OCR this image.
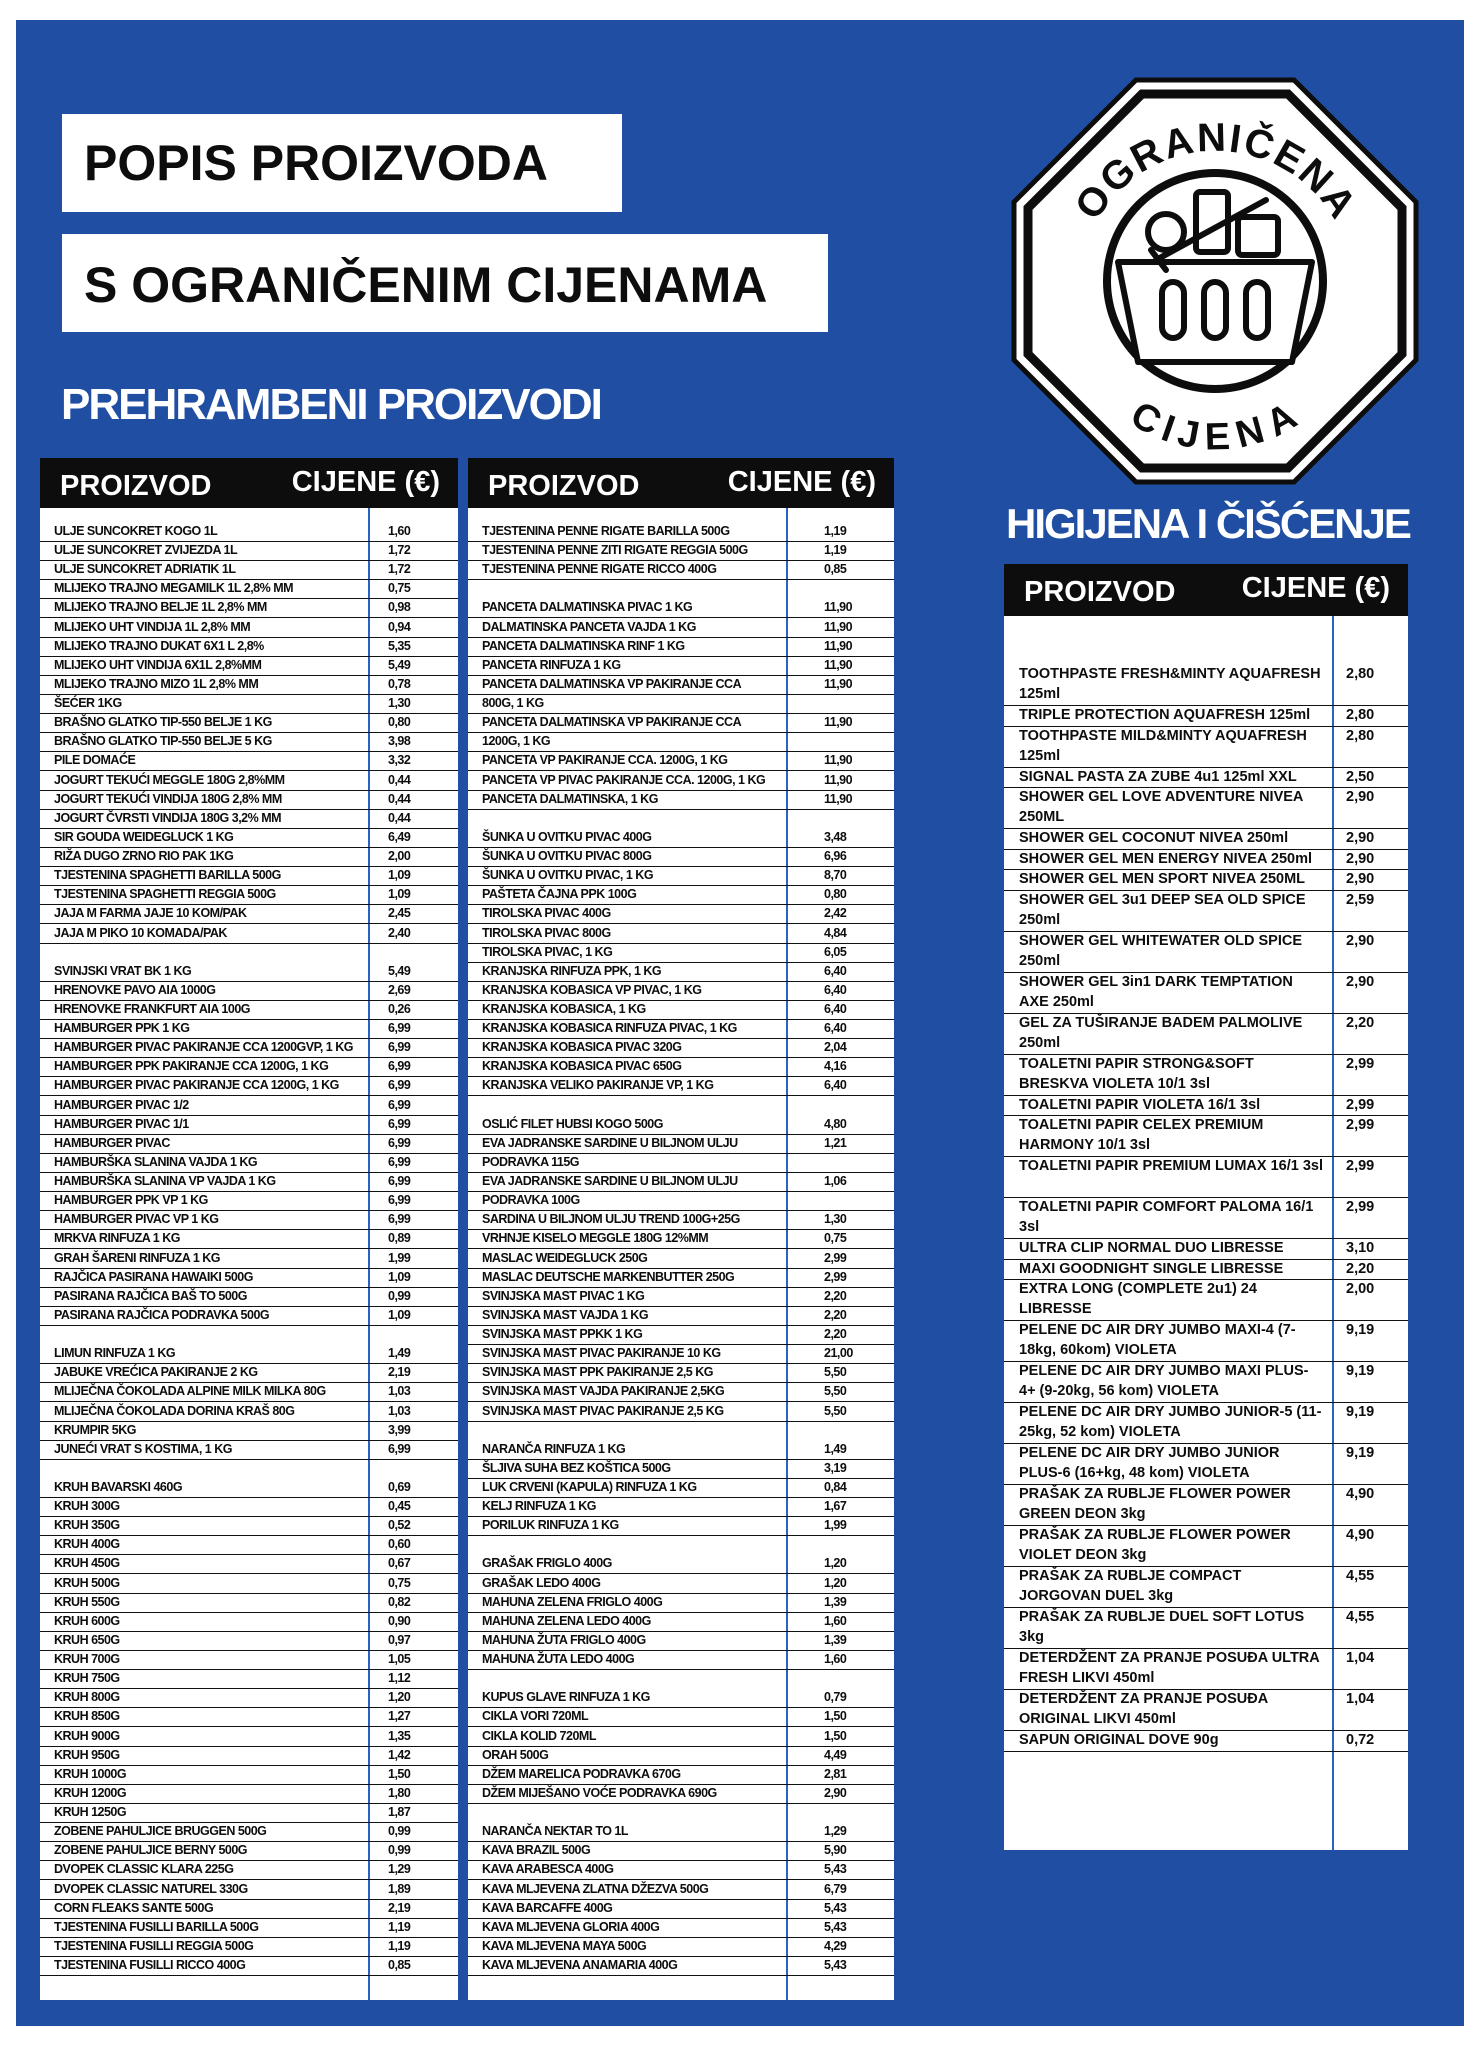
POPIS PROIZVODA
S OGRANIČENIM CIJENAMA
PREHRAMBENI PROIZVODI
HIGIJENA I ČIŠĆENJE
OGRANIČENA
CIJENA
PROIZVOD	CIJENE (€)
ULJE SUNCOKRET KOGO 1L	1,60
ULJE SUNCOKRET ZVIJEZDA 1L	1,72
ULJE SUNCOKRET ADRIATIK 1L	1,72
MLIJEKO TRAJNO MEGAMILK 1L 2,8% MM	0,75
MLIJEKO TRAJNO BELJE 1L 2,8% MM	0,98
MLIJEKO UHT VINDIJA 1L 2,8% MM	0,94
MLIJEKO TRAJNO DUKAT 6X1 L 2,8%	5,35
MLIJEKO UHT VINDIJA 6X1L 2,8%MM	5,49
MLIJEKO TRAJNO MIZO 1L 2,8% MM	0,78
ŠEĆER 1KG	1,30
BRAŠNO GLATKO TIP-550 BELJE 1 KG	0,80
BRAŠNO GLATKO TIP-550 BELJE 5 KG	3,98
PILE DOMAĆE	3,32
JOGURT TEKUĆI MEGGLE 180G 2,8%MM	0,44
JOGURT TEKUĆI VINDIJA 180G 2,8% MM	0,44
JOGURT ČVRSTI VINDIJA 180G 3,2% MM	0,44
SIR GOUDA WEIDEGLUCK 1 KG	6,49
RIŽA DUGO ZRNO RIO PAK 1KG	2,00
TJESTENINA SPAGHETTI BARILLA 500G	1,09
TJESTENINA SPAGHETTI REGGIA 500G	1,09
JAJA M FARMA JAJE 10 KOM/PAK	2,45
JAJA M PIKO 10 KOMADA/PAK	2,40
SVINJSKI VRAT BK 1 KG	5,49
HRENOVKE PAVO AIA 1000G	2,69
HRENOVKE FRANKFURT AIA 100G	0,26
HAMBURGER PPK 1 KG	6,99
HAMBURGER PIVAC PAKIRANJE CCA 1200GVP, 1 KG	6,99
HAMBURGER PPK PAKIRANJE CCA 1200G, 1 KG	6,99
HAMBURGER PIVAC PAKIRANJE CCA 1200G, 1 KG	6,99
HAMBURGER PIVAC 1/2	6,99
HAMBURGER PIVAC 1/1	6,99
HAMBURGER PIVAC	6,99
HAMBURŠKA SLANINA VAJDA 1 KG	6,99
HAMBURŠKA SLANINA VP VAJDA 1 KG	6,99
HAMBURGER PPK VP 1 KG	6,99
HAMBURGER PIVAC VP 1 KG	6,99
MRKVA RINFUZA 1 KG	0,89
GRAH ŠARENI RINFUZA 1 KG	1,99
RAJČICA PASIRANA HAWAIKI 500G	1,09
PASIRANA RAJČICA BAŠ TO 500G	0,99
PASIRANA RAJČICA PODRAVKA 500G	1,09
LIMUN RINFUZA 1 KG	1,49
JABUKE VREĆICA PAKIRANJE 2 KG	2,19
MLIJEČNA ČOKOLADA ALPINE MILK MILKA 80G	1,03
MLIJEČNA ČOKOLADA DORINA KRAŠ 80G	1,03
KRUMPIR 5KG	3,99
JUNEĆI VRAT S KOSTIMA, 1 KG	6,99
KRUH BAVARSKI 460G	0,69
KRUH 300G	0,45
KRUH 350G	0,52
KRUH 400G	0,60
KRUH 450G	0,67
KRUH 500G	0,75
KRUH 550G	0,82
KRUH 600G	0,90
KRUH 650G	0,97
KRUH 700G	1,05
KRUH 750G	1,12
KRUH 800G	1,20
KRUH 850G	1,27
KRUH 900G	1,35
KRUH 950G	1,42
KRUH 1000G	1,50
KRUH 1200G	1,80
KRUH 1250G	1,87
ZOBENE PAHULJICE BRUGGEN 500G	0,99
ZOBENE PAHULJICE BERNY 500G	0,99
DVOPEK CLASSIC KLARA 225G	1,29
DVOPEK CLASSIC NATUREL 330G	1,89
CORN FLEAKS SANTE 500G	2,19
TJESTENINA FUSILLI BARILLA 500G	1,19
TJESTENINA FUSILLI REGGIA 500G	1,19
TJESTENINA FUSILLI RICCO 400G	0,85
PROIZVOD	CIJENE (€)
TJESTENINA PENNE RIGATE BARILLA 500G	1,19
TJESTENINA PENNE ZITI RIGATE REGGIA 500G	1,19
TJESTENINA PENNE RIGATE RICCO 400G	0,85
PANCETA DALMATINSKA PIVAC 1 KG	11,90
DALMATINSKA PANCETA VAJDA 1 KG	11,90
PANCETA DALMATINSKA RINF 1 KG	11,90
PANCETA RINFUZA 1 KG	11,90
PANCETA DALMATINSKA VP PAKIRANJE CCA	11,90
800G, 1 KG
PANCETA DALMATINSKA VP PAKIRANJE CCA	11,90
1200G, 1 KG
PANCETA VP PAKIRANJE CCA. 1200G, 1 KG	11,90
PANCETA VP PIVAC PAKIRANJE CCA. 1200G, 1 KG	11,90
PANCETA DALMATINSKA, 1 KG	11,90
ŠUNKA U OVITKU PIVAC 400G	3,48
ŠUNKA U OVITKU PIVAC 800G	6,96
ŠUNKA U OVITKU PIVAC, 1 KG	8,70
PAŠTETA ČAJNA PPK 100G	0,80
TIROLSKA PIVAC 400G	2,42
TIROLSKA PIVAC 800G	4,84
TIROLSKA PIVAC, 1 KG	6,05
KRANJSKA RINFUZA PPK, 1 KG	6,40
KRANJSKA KOBASICA VP PIVAC, 1 KG	6,40
KRANJSKA KOBASICA, 1 KG	6,40
KRANJSKA KOBASICA RINFUZA PIVAC, 1 KG	6,40
KRANJSKA KOBASICA PIVAC 320G	2,04
KRANJSKA KOBASICA PIVAC 650G	4,16
KRANJSKA VELIKO PAKIRANJE VP, 1 KG	6,40
OSLIĆ FILET HUBSI KOGO 500G	4,80
EVA JADRANSKE SARDINE U BILJNOM ULJU	1,21
PODRAVKA 115G
EVA JADRANSKE SARDINE U BILJNOM ULJU	1,06
PODRAVKA 100G
SARDINA U BILJNOM ULJU TREND 100G+25G	1,30
VRHNJE KISELO MEGGLE 180G 12%MM	0,75
MASLAC WEIDEGLUCK 250G	2,99
MASLAC DEUTSCHE MARKENBUTTER 250G	2,99
SVINJSKA MAST PIVAC 1 KG	2,20
SVINJSKA MAST VAJDA 1 KG	2,20
SVINJSKA MAST PPKK 1 KG	2,20
SVINJSKA MAST PIVAC PAKIRANJE 10 KG	21,00
SVINJSKA MAST PPK PAKIRANJE 2,5 KG	5,50
SVINJSKA MAST VAJDA PAKIRANJE 2,5KG	5,50
SVINJSKA MAST PIVAC PAKIRANJE 2,5 KG	5,50
NARANČA RINFUZA 1 KG	1,49
ŠLJIVA SUHA BEZ KOŠTICA 500G	3,19
LUK CRVENI (KAPULA) RINFUZA 1 KG	0,84
KELJ RINFUZA 1 KG	1,67
PORILUK RINFUZA 1 KG	1,99
GRAŠAK FRIGLO 400G	1,20
GRAŠAK LEDO 400G	1,20
MAHUNA ZELENA FRIGLO 400G	1,39
MAHUNA ZELENA LEDO 400G	1,60
MAHUNA ŽUTA FRIGLO 400G	1,39
MAHUNA ŽUTA LEDO 400G	1,60
KUPUS GLAVE RINFUZA 1 KG	0,79
CIKLA VORI 720ML	1,50
CIKLA KOLID 720ML	1,50
ORAH 500G	4,49
DŽEM MARELICA PODRAVKA 670G	2,81
DŽEM MIJEŠANO VOĆE PODRAVKA 690G	2,90
NARANČA NEKTAR TO 1L	1,29
KAVA BRAZIL 500G	5,90
KAVA ARABESCA 400G	5,43
KAVA MLJEVENA ZLATNA DŽEZVA 500G	6,79
KAVA BARCAFFE 400G	5,43
KAVA MLJEVENA GLORIA 400G	5,43
KAVA MLJEVENA MAYA 500G	4,29
KAVA MLJEVENA ANAMARIA 400G	5,43
PROIZVOD CIJENE (€)
TOOTHPASTE FRESH&MINTY AQUAFRESH 125ml
2,80
TRIPLE PROTECTION AQUAFRESH 125ml	2,80
TOOTHPASTE MILD&MINTY AQUAFRESH 125ml
2,80
SIGNAL PASTA ZA ZUBE 4u1 125ml XXL	2,50
SHOWER GEL LOVE ADVENTURE NIVEA 250ML
2,90
SHOWER GEL COCONUT NIVEA 250ml	2,90
SHOWER GEL MEN ENERGY NIVEA 250ml	2,90
SHOWER GEL MEN SPORT NIVEA 250ML	2,90
SHOWER GEL 3u1 DEEP SEA OLD SPICE 250ml
2,59
SHOWER GEL WHITEWATER OLD SPICE 250ml
2,90
SHOWER GEL 3in1 DARK TEMPTATION AXE 250ml
2,90
GEL ZA TUŠIRANJE BADEM PALMOLIVE 250ml
2,20
TOALETNI PAPIR STRONG&SOFT BRESKVA VIOLETA 10/1 3sl
2,99
TOALETNI PAPIR VIOLETA 16/1 3sl	2,99
TOALETNI PAPIR CELEX PREMIUM HARMONY 10/1 3sl
2,99
TOALETNI PAPIR PREMIUM LUMAX 16/1 3sl 2,99
TOALETNI PAPIR COMFORT PALOMA 16/1 3sl
2,99
ULTRA CLIP NORMAL DUO LIBRESSE	3,10
MAXI GOODNIGHT SINGLE LIBRESSE	2,20
EXTRA LONG (COMPLETE 2u1) 24 LIBRESSE
2,00
PELENE DC AIR DRY JUMBO MAXI-4 (7-18kg, 60kom) VIOLETA
9,19
PELENE DC AIR DRY JUMBO MAXI PLUS-4+ (9-20kg, 56 kom) VIOLETA
9,19
PELENE DC AIR DRY JUMBO JUNIOR-5 (11-25kg, 52 kom) VIOLETA
9,19
PELENE DC AIR DRY JUMBO JUNIOR PLUS-6 (16+kg, 48 kom) VIOLETA
9,19
PRAŠAK ZA RUBLJE FLOWER POWER GREEN DEON 3kg
4,90
PRAŠAK ZA RUBLJE FLOWER POWER VIOLET DEON 3kg
4,90
PRAŠAK ZA RUBLJE COMPACT JORGOVAN DUEL 3kg
4,55
PRAŠAK ZA RUBLJE DUEL SOFT LOTUS 3kg
4,55
DETERDŽENT ZA PRANJE POSUĐA ULTRA FRESH LIKVI 450ml
1,04
DETERDŽENT ZA PRANJE POSUĐA ORIGINAL LIKVI 450ml
1,04
SAPUN ORIGINAL DOVE 90g	0,72
